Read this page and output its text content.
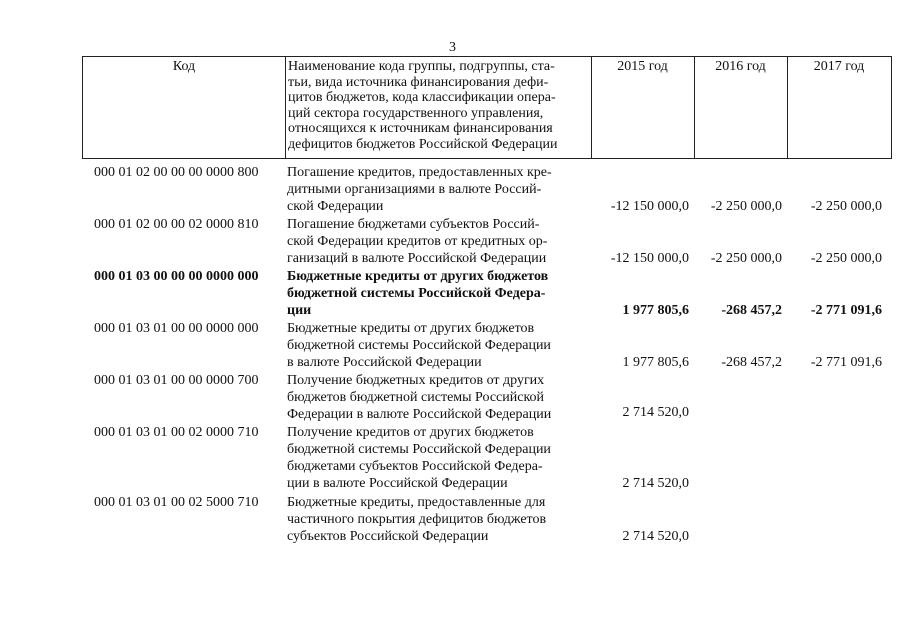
3
Код	Наименование кода группы, подгруппы, ста-
тьи, вида источника финансирования дефи-
цитов бюджетов, кода классификации опера-
ций сектора государственного управления,
относящихся к источникам финансирования
дефицитов бюджетов Российской Федерации
2015 год	2016 год	2017 год
000 01 02 00 00 00 0000 800 Погашение кредитов, предоставленных кре-
дитными организациями в валюте Россий-
ской Федерации	-12 150 000,0	-2 250 000,0	-2 250 000,0
000 01 02 00 00 02 0000 810 Погашение бюджетами субъектов Россий-
ской Федерации кредитов от кредитных ор-
ганизаций в валюте Российской Федерации	-12 150 000,0	-2 250 000,0	-2 250 000,0
000 01 03 00 00 00 0000 000 Бюджетные кредиты от других бюджетов
бюджетной системы Российской Федера-
ции	1 977 805,6	-268 457,2	-2 771 091,6
000 01 03 01 00 00 0000 000 Бюджетные кредиты от других бюджетов
бюджетной системы Российской Федерации
в валюте Российской Федерации	1 977 805,6	-268 457,2	-2 771 091,6
000 01 03 01 00 00 0000 700 Получение бюджетных кредитов от других
бюджетов бюджетной системы Российской
Федерации в валюте Российской Федерации	2 714 520,0
000 01 03 01 00 02 0000 710 Получение кредитов от других бюджетов
бюджетной системы Российской Федерации
бюджетами субъектов Российской Федера-
ции в валюте Российской Федерации	2 714 520,0
000 01 03 01 00 02 5000 710 Бюджетные кредиты, предоставленные для
частичного покрытия дефицитов бюджетов
субъектов Российской Федерации	2 714 520,0
